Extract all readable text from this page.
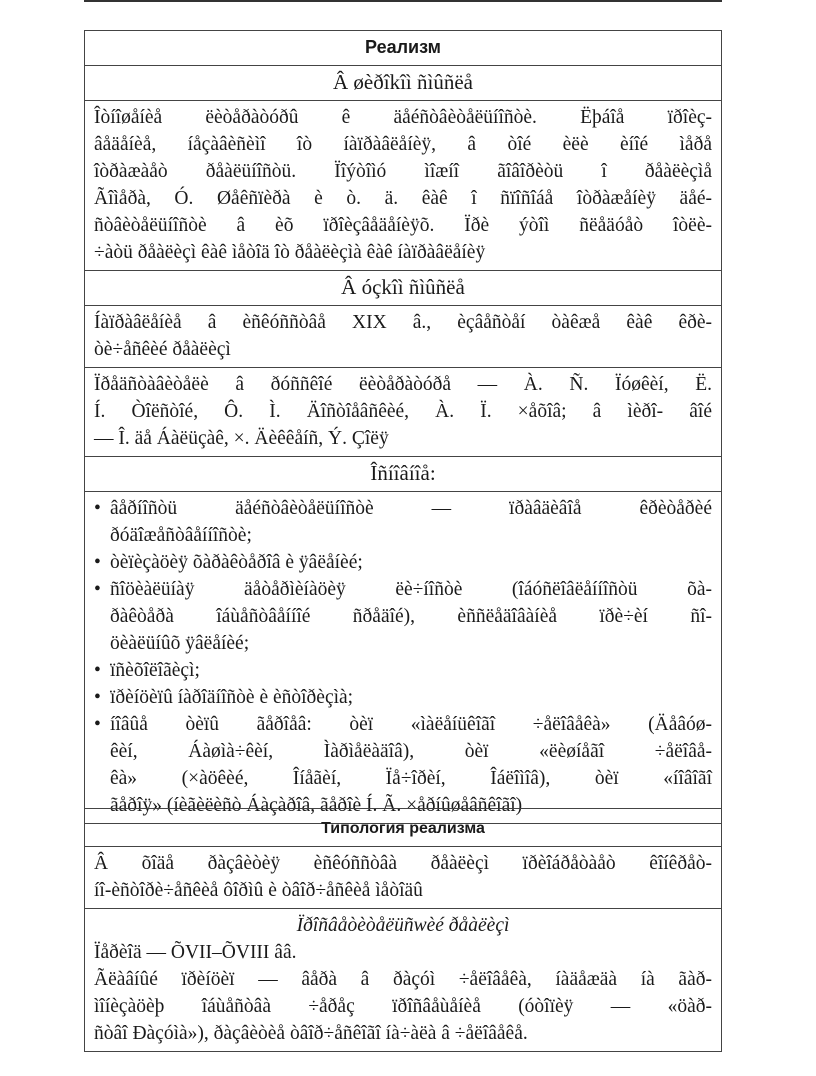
Реализм
Â øèðîkîì ñìûñëå
Îòíîøåíèå ëèòåðàòóðû ê äåéñòâèòåëüíîñòè. Ëþáîå ïðîèç-
âåäåíèå, íåçàâèñèìî îò íàïðàâëåíèÿ, â òîé èëè èíîé ìåðå
îòðàæàåò ðåàëüíîñòü. Ïîýòîìó ìîæíî ãîâîðèòü î ðåàëèçìå
Ãîìåðà, Ó. Øåêñïèðà è ò. ä. êàê î ñïîñîáå îòðàæåíèÿ äåé-
ñòâèòåëüíîñòè â èõ ïðîèçâåäåíèÿõ. Ïðè ýòîì ñëåäóåò îòëè-
÷àòü ðåàëèçì êàê ìåòîä îò ðåàëèçìà êàê íàïðàâëåíèÿ
Â óçkîì ñìûñëå
Íàïðàâëåíèå â èñêóññòâå XIX â., èçâåñòåí òàêæå êàê êðè-
òè÷åñêèé ðåàëèçì
Ïðåäñòàâèòåëè â ðóññêîé ëèòåðàòóðå — À. Ñ. Ïóøêèí, Ë.
Í. Òîëñòîé, Ô. Ì. Äîñòîåâñêèé, À. Ï. ×åõîâ; â ìèðî- âîé
— Î. äå Áàëüçàê, ×. Äèêêåíñ, Ý. Çîëÿ
Îñíîâíîå:
• âåðíîñòü äåéñòâèòåëüíîñòè — ïðàâäèâîå êðèòåðèé
ðóäîæåñòâåííîñòè;
• òèïèçàöèÿ õàðàêòåðîâ è ÿâëåíèé;
• ñîöèàëüíàÿ äåòåðìèíàöèÿ ëè÷íîñòè (îáóñëîâëåííîñòü õà-
ðàêòåðà îáùåñòâåííîé ñðåäîé), èññëåäîâàíèå ïðè÷èí ñî-
öèàëüíûõ ÿâëåíèé;
• ïñèõîëîãèçì;
• ïðèíöèïû íàðîäíîñòè è èñòîðèçìà;
• íîâûå òèïû ãåðîåâ: òèï «ìàëåíüêîãî ÷åëîâåêà» (Äåâóø-
êèí, Áàøìà÷êèí, Ìàðìåëàäîâ), òèï «ëèøíåãî ÷åëîâå-
êà» (×àöêèé, Îíåãèí, Ïå÷îðèí, Îáëîìîâ), òèï «íîâîãî
ãåðîÿ» (íèãèëèñò Áàçàðîâ, ãåðîè Í. Ã. ×åðíûøåâñêîãî)
Типология реализма
Â õîäå ðàçâèòèÿ èñêóññòâà ðåàëèçì ïðèîáðåòàåò êîíêðåò-
íî-èñòîðè÷åñêèå ôîðìû è òâîð÷åñêèå ìåòîäû
Ïðîñâåòèòåëüñwèé ðåàëèçì
Ïåðèîä — ÕVII–ÕVIII ââ.
Ãëàâíûé ïðèíöèï — âåðà â ðàçóì ÷åëîâåêà, íàäåæäà íà ãàð-
ìîíèçàöèþ îáùåñòâà ÷åðåç ïðîñâåùåíèå (óòîïèÿ — «öàð-
ñòâî Ðàçóìà»), ðàçâèòèå òâîð÷åñêîãî íà÷àëà â ÷åëîâåêå.
